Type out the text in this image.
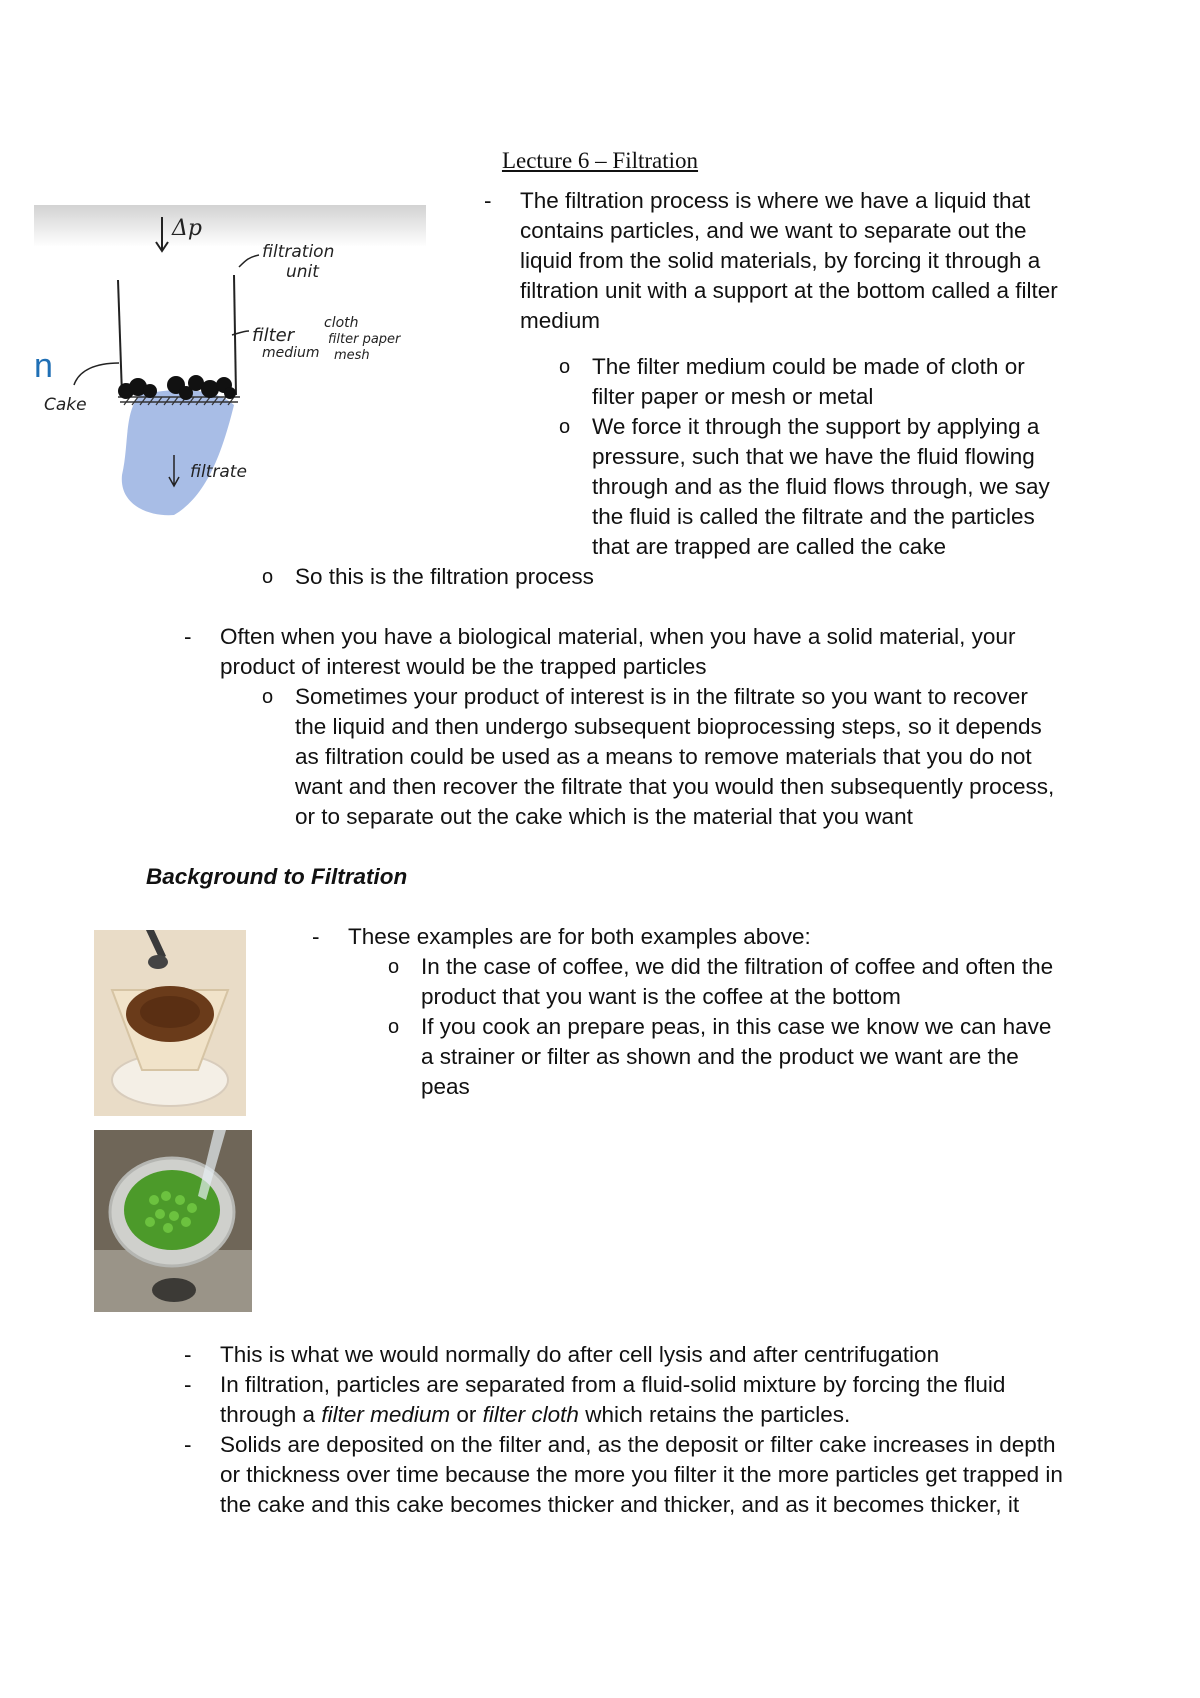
Lecture 6 – Filtration
n
Δp
filtration
unit
filter
medium
cloth
filter paper
mesh
Cake
filtrate
- The filtration process is where we have a liquid that contains particles, and we want to separate out the liquid from the solid materials, by forcing it through a filtration unit with a support at the bottom called a filter medium
o The filter medium could be made of cloth or filter paper or mesh or metal
o We force it through the support by applying a pressure, such that we have the fluid flowing through and as the fluid flows through, we say the fluid is called the filtrate and the particles that are trapped are called the cake
o So this is the filtration process
- Often when you have a biological material, when you have a solid material, your product of interest would be the trapped particles
o Sometimes your product of interest is in the filtrate so you want to recover the liquid and then undergo subsequent bioprocessing steps, so it depends as filtration could be used as a means to remove materials that you do not want and then recover the filtrate that you would then subsequently process, or to separate out the cake which is the material that you want
Background to Filtration
- These examples are for both examples above:
o In the case of coffee, we did the filtration of coffee and often the product that you want is the coffee at the bottom
o If you cook an prepare peas, in this case we know we can have a strainer or filter as shown and the product we want are the peas
- This is what we would normally do after cell lysis and after centrifugation
- In filtration, particles are separated from a fluid-solid mixture by forcing the fluid through a filter medium or filter cloth which retains the particles.
- Solids are deposited on the filter and, as the deposit or filter cake increases in depth or thickness over time because the more you filter it the more particles get trapped in the cake and this cake becomes thicker and thicker, and as it becomes thicker, it
